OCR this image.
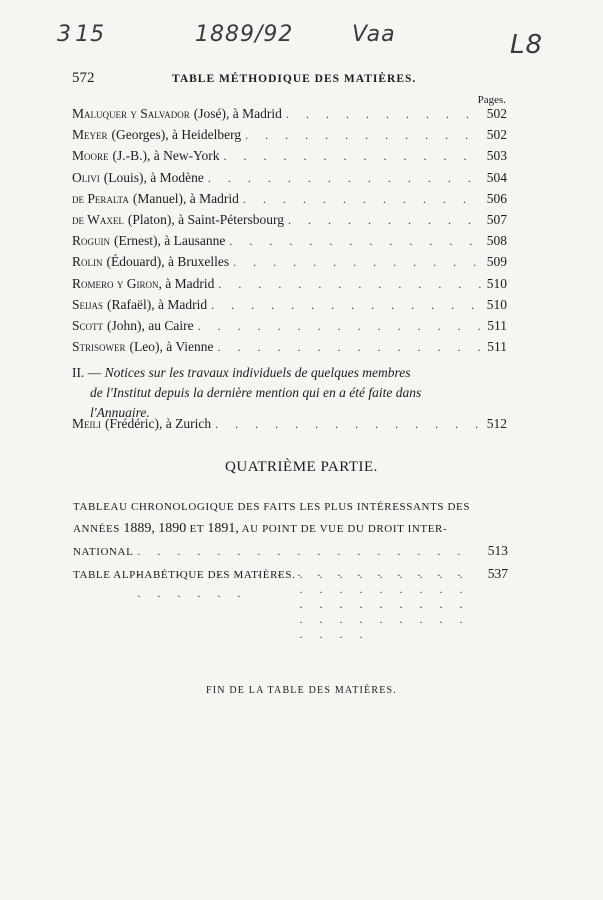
3 15	1889/92	Vaa	L8
572	TABLE MÉTHODIQUE DES MATIÈRES.
Pages.
Maluquer y Salvador (José), à Madrid . . .	502
Meyer (Georges), à Heidelberg . . .	502
Moore (J.-B.), à New-York . . .	503
Olivi (Louis), à Modène . . .	504
de Peralta (Manuel), à Madrid . . .	506
de Waxel (Platon), à Saint-Pétersbourg . . .	507
Roguin (Ernest), à Lausanne . . .	508
Rolin (Édouard), à Bruxelles . . .	509
Romero y Giron , à Madrid . . .	510
Seijas (Rafaël), à Madrid . . .	510
Scott (John), au Caire . . .	511
Strisower (Leo), à Vienne . . .	511
II. — Notices sur les travaux individuels de quelques membres
de l'Institut depuis la dernière mention qui en a été faite dans
l'Annuaire.
Meili (Frédéric), à Zurich . . .	512
QUATRIÈME PARTIE.
TABLEAU CHRONOLOGIQUE DES FAITS LES PLUS INTÉRESSANTS DES
ANNÉES 1889, 1890 ET 1891, AU POINT DE VUE DU DROIT INTER-
NATIONAL . . .	513
TABLE ALPHABÉTIQUE DES MATIÈRES. . . .	537
FIN DE LA TABLE DES MATIÈRES.
